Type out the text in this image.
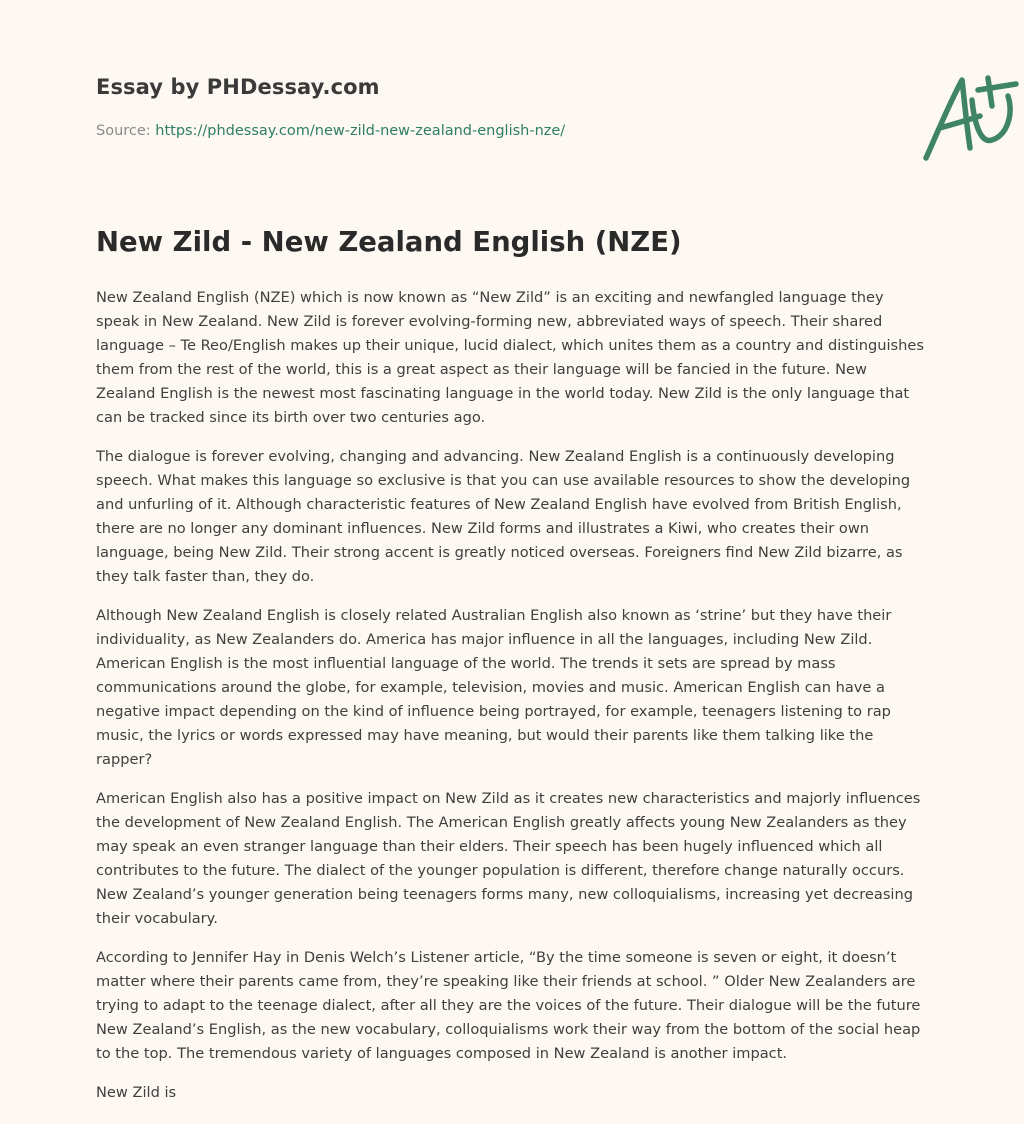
Essay by PHDessay.com
Source: https://phdessay.com/new-zild-new-zealand-english-nze/
New Zild - New Zealand English (NZE)

New Zealand English (NZE) which is now known as “New Zild” is an exciting and newfangled language they speak in New Zealand. New Zild is forever evolving-forming new, abbreviated ways of speech. Their shared language – Te Reo/English makes up their unique, lucid dialect, which unites them as a country and distinguishes them from the rest of the world, this is a great aspect as their language will be fancied in the future. New Zealand English is the newest most fascinating language in the world today. New Zild is the only language that can be tracked since its birth over two centuries ago.

The dialogue is forever evolving, changing and advancing. New Zealand English is a continuously developing speech. What makes this language so exclusive is that you can use available resources to show the developing and unfurling of it. Although characteristic features of New Zealand English have evolved from British English, there are no longer any dominant influences. New Zild forms and illustrates a Kiwi, who creates their own language, being New Zild. Their strong accent is greatly noticed overseas. Foreigners find New Zild bizarre, as they talk faster than, they do.

Although New Zealand English is closely related Australian English also known as ‘strine’ but they have their individuality, as New Zealanders do. America has major influence in all the languages, including New Zild. American English is the most influential language of the world. The trends it sets are spread by mass communications around the globe, for example, television, movies and music. American English can have a negative impact depending on the kind of influence being portrayed, for example, teenagers listening to rap music, the lyrics or words expressed may have meaning, but would their parents like them talking like the rapper?

American English also has a positive impact on New Zild as it creates new characteristics and majorly influences the development of New Zealand English. The American English greatly affects young New Zealanders as they may speak an even stranger language than their elders. Their speech has been hugely influenced which all contributes to the future. The dialect of the younger population is different, therefore change naturally occurs. New Zealand’s younger generation being teenagers forms many, new colloquialisms, increasing yet decreasing their vocabulary.

According to Jennifer Hay in Denis Welch’s Listener article, “By the time someone is seven or eight, it doesn’t matter where their parents came from, they’re speaking like their friends at school. ” Older New Zealanders are trying to adapt to the teenage dialect, after all they are the voices of the future. Their dialogue will be the future New Zealand’s English, as the new vocabulary, colloquialisms work their way from the bottom of the social heap to the top. The tremendous variety of languages composed in New Zealand is another impact.

New Zild is
